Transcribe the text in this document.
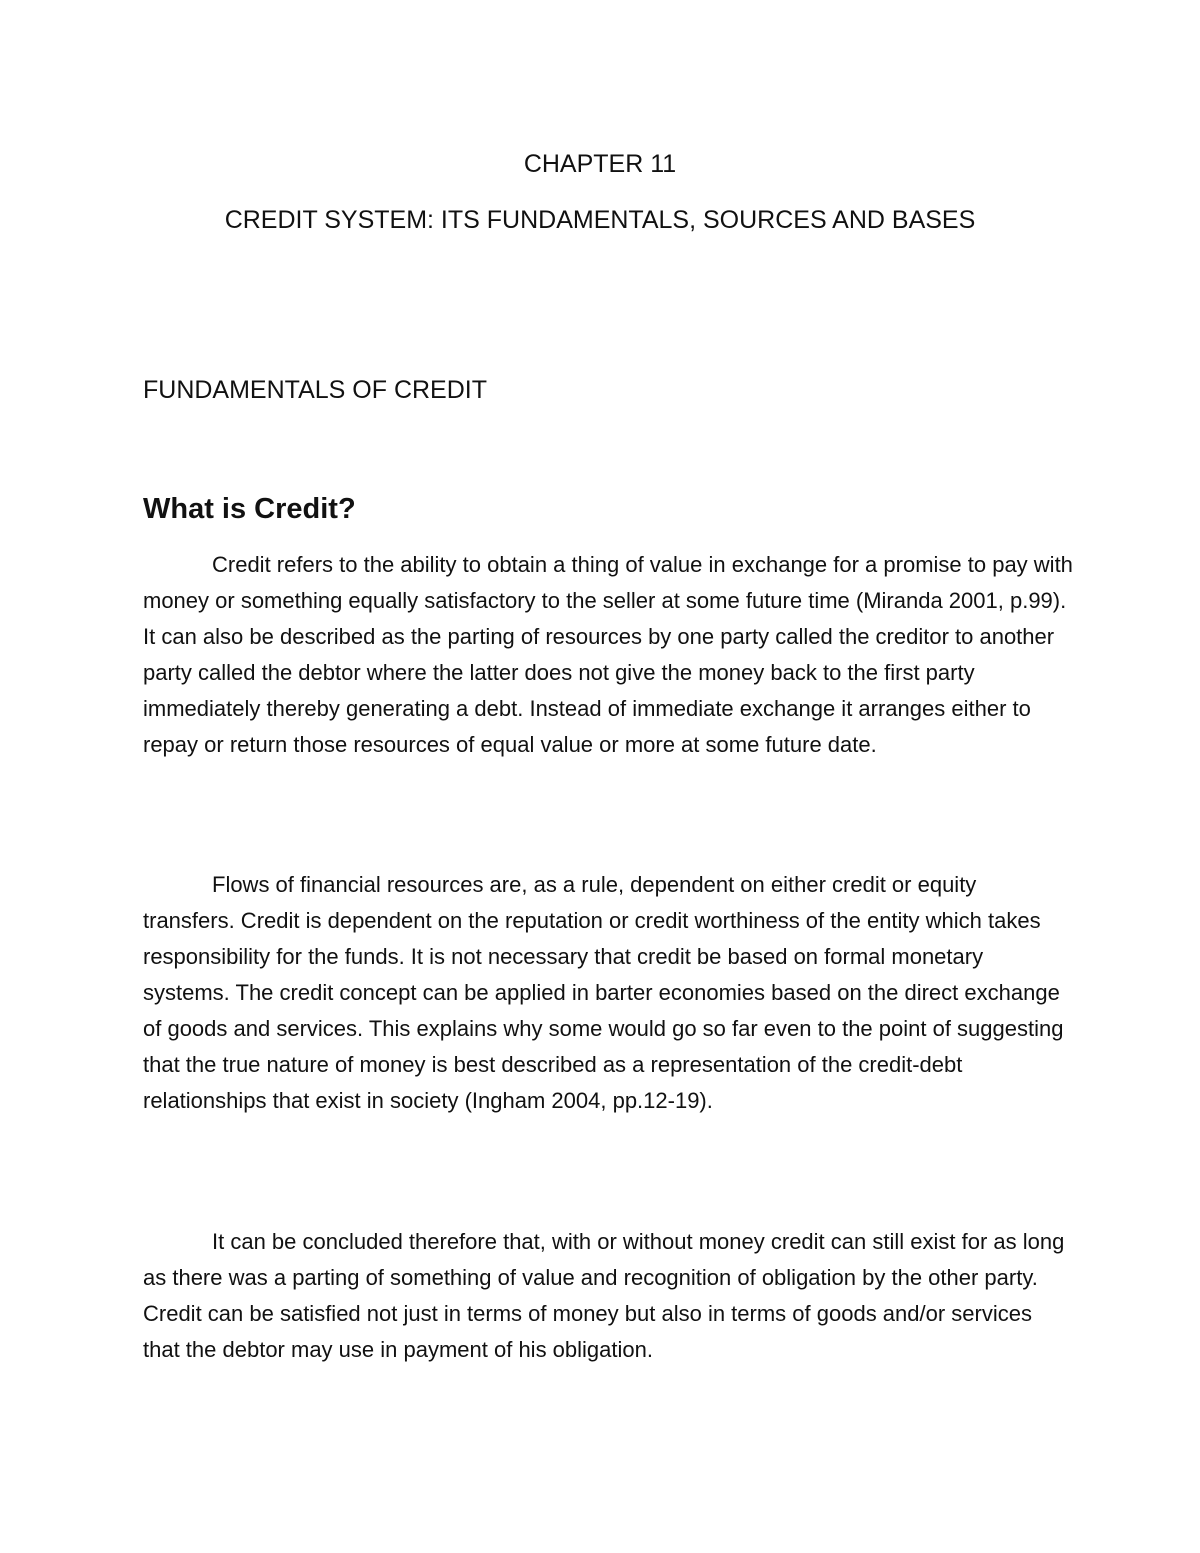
CHAPTER 11
CREDIT SYSTEM: ITS FUNDAMENTALS, SOURCES AND BASES
FUNDAMENTALS OF CREDIT
What is Credit?

Credit refers to the ability to obtain a thing of value in exchange for a promise to pay with money or something equally satisfactory to the seller at some future time (Miranda 2001, p.99). It can also be described as the parting of resources by one party called the creditor to another party called the debtor where the latter does not give the money back to the first party immediately thereby generating a debt. Instead of immediate exchange it arranges either to repay or return those resources of equal value or more at some future date.

Flows of financial resources are, as a rule, dependent on either credit or equity transfers. Credit is dependent on the reputation or credit worthiness of the entity which takes responsibility for the funds. It is not necessary that credit be based on formal monetary systems. The credit concept can be applied in barter economies based on the direct exchange of goods and services. This explains why some would go so far even to the point of suggesting that the true nature of money is best described as a representation of the credit-debt relationships that exist in society (Ingham 2004, pp.12-19).

It can be concluded therefore that, with or without money credit can still exist for as long as there was a parting of something of value and recognition of obligation by the other party. Credit can be satisfied not just in terms of money but also in terms of goods and/or services that the debtor may use in payment of his obligation.
